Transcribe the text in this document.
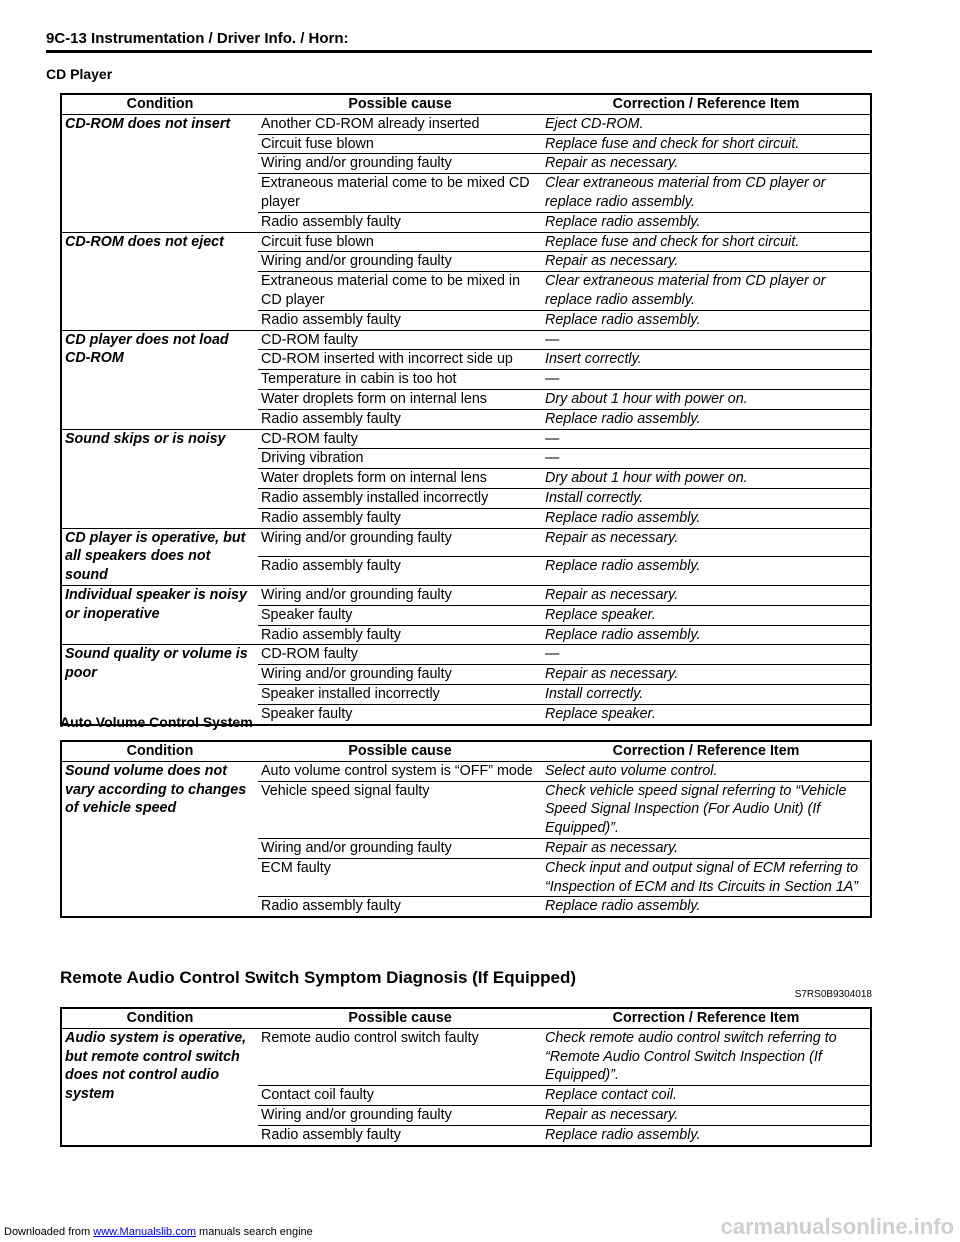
9C-13 Instrumentation / Driver Info. / Horn:
CD Player
Condition	Possible cause	Correction / Reference Item
CD-ROM does not insert	Another CD-ROM already inserted	Eject CD-ROM.
	Circuit fuse blown	Replace fuse and check for short circuit.
	Wiring and/or grounding faulty	Repair as necessary.
	Extraneous material come to be mixed CD player	Clear extraneous material from CD player or replace radio assembly.
	Radio assembly faulty	Replace radio assembly.
CD-ROM does not eject	Circuit fuse blown	Replace fuse and check for short circuit.
	Wiring and/or grounding faulty	Repair as necessary.
	Extraneous material come to be mixed in CD player	Clear extraneous material from CD player or replace radio assembly.
	Radio assembly faulty	Replace radio assembly.
CD player does not load CD-ROM	CD-ROM faulty	—
	CD-ROM inserted with incorrect side up	Insert correctly.
	Temperature in cabin is too hot	—
	Water droplets form on internal lens	Dry about 1 hour with power on.
	Radio assembly faulty	Replace radio assembly.
Sound skips or is noisy	CD-ROM faulty	—
	Driving vibration	—
	Water droplets form on internal lens	Dry about 1 hour with power on.
	Radio assembly installed incorrectly	Install correctly.
	Radio assembly faulty	Replace radio assembly.
CD player is operative, but all speakers does not sound	Wiring and/or grounding faulty	Repair as necessary.
	Radio assembly faulty	Replace radio assembly.
Individual speaker is noisy or inoperative	Wiring and/or grounding faulty	Repair as necessary.
	Speaker faulty	Replace speaker.
	Radio assembly faulty	Replace radio assembly.
Sound quality or volume is poor	CD-ROM faulty	—
	Wiring and/or grounding faulty	Repair as necessary.
	Speaker installed incorrectly	Install correctly.
	Speaker faulty	Replace speaker.
Auto Volume Control System
Condition	Possible cause	Correction / Reference Item
Sound volume does not vary according to changes of vehicle speed	Auto volume control system is “OFF” mode	Select auto volume control.
	Vehicle speed signal faulty	Check vehicle speed signal referring to “Vehicle Speed Signal Inspection (For Audio Unit) (If Equipped)”.
	Wiring and/or grounding faulty	Repair as necessary.
	ECM faulty	Check input and output signal of ECM referring to “Inspection of ECM and Its Circuits in Section 1A”
	Radio assembly faulty	Replace radio assembly.
Remote Audio Control Switch Symptom Diagnosis (If Equipped)
S7RS0B9304018
Condition	Possible cause	Correction / Reference Item
Audio system is operative, but remote control switch does not control audio system	Remote audio control switch faulty	Check remote audio control switch referring to “Remote Audio Control Switch Inspection (If Equipped)”.
	Contact coil faulty	Replace contact coil.
	Wiring and/or grounding faulty	Repair as necessary.
	Radio assembly faulty	Replace radio assembly.
Downloaded from www.Manualslib.com manuals search engine	carmanualsonline.info
